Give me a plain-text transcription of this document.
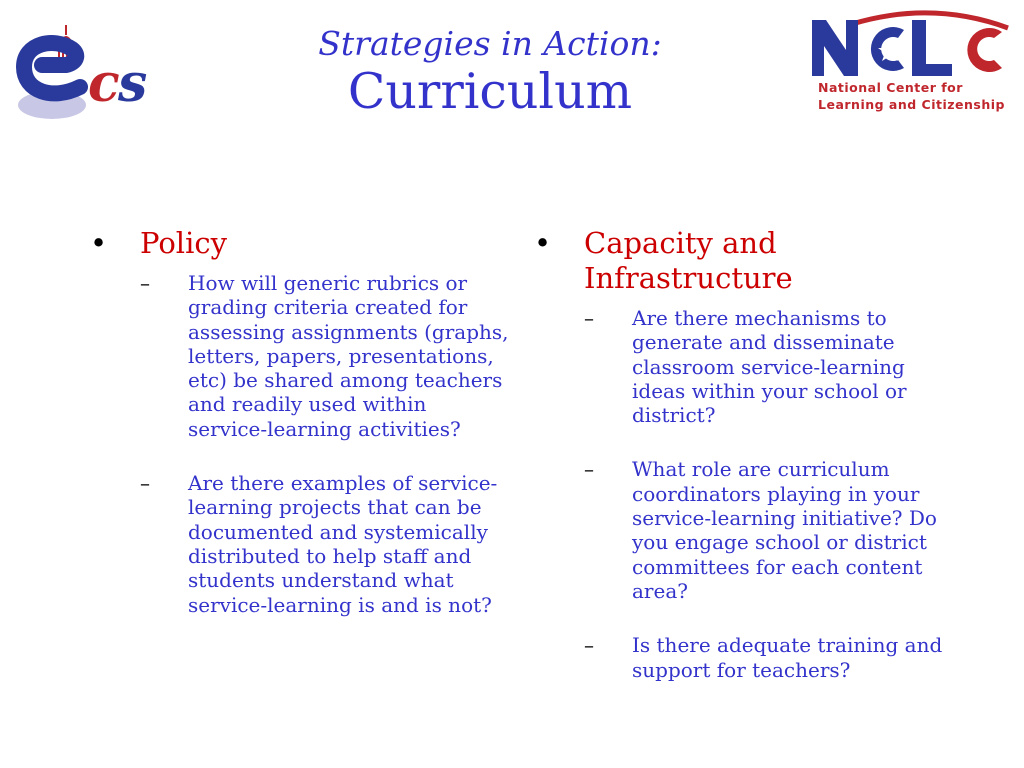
c
s	National Center for
Learning and Citizenship
Strategies in Action:
Curriculum
•	Policy
–	How will generic rubrics or grading criteria created for assessing assignments (graphs, letters, papers, presentations, etc) be shared among teachers and readily used within service-learning activities?
–	Are there examples of service-learning projects that can be documented and systemically distributed to help staff and students understand what service-learning is and is not?
•	Capacity and Infrastructure
–	Are there mechanisms to generate and disseminate classroom service-learning ideas within your school or district?
–	What role are curriculum coordinators playing in your service-learning initiative? Do you engage school or district committees for each content area?
–	Is there adequate training and support for teachers?
